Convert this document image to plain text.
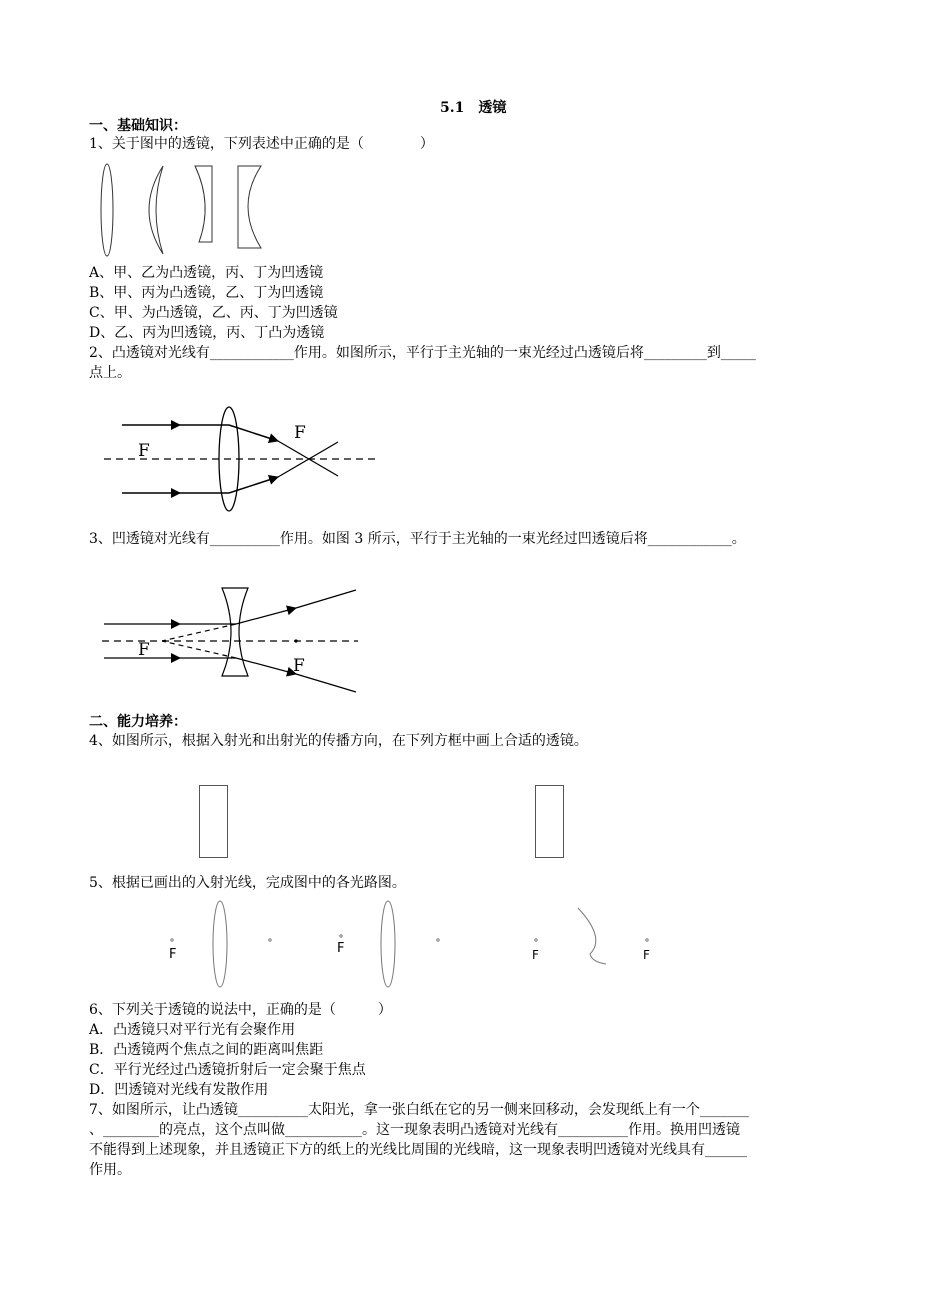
5.1　透镜
一、基础知识：
1、关于图中的透镜，下列表述中正确的是（　　　　）
A、甲、乙为凸透镜，丙、丁为凹透镜
B、甲、丙为凸透镜，乙、丁为凹透镜
C、甲、为凸透镜，乙、丙、丁为凹透镜
D、乙、丙为凹透镜，丙、丁凸为透镜
2、凸透镜对光线有____________作用。如图所示，平行于主光轴的一束光经过凸透镜后将_________到_____
点上。
F
F
3、凹透镜对光线有__________作用。如图 3 所示，平行于主光轴的一束光经过凹透镜后将____________。
F
F
二、能力培养：
4、如图所示，根据入射光和出射光的传播方向，在下列方框中画上合适的透镜。
5、根据已画出的入射光线，完成图中的各光路图。
F	F	F	F
6、下列关于透镜的说法中，正确的是（　　　）
A．凸透镜只对平行光有会聚作用
B．凸透镜两个焦点之间的距离叫焦距
C．平行光经过凸透镜折射后一定会聚于焦点
D．凹透镜对光线有发散作用
7、如图所示，让凸透镜__________太阳光，拿一张白纸在它的另一侧来回移动，会发现纸上有一个_______
、________的亮点，这个点叫做___________。这一现象表明凸透镜对光线有__________作用。换用凹透镜
不能得到上述现象，并且透镜正下方的纸上的光线比周围的光线暗，这一现象表明凹透镜对光线具有______
作用。
